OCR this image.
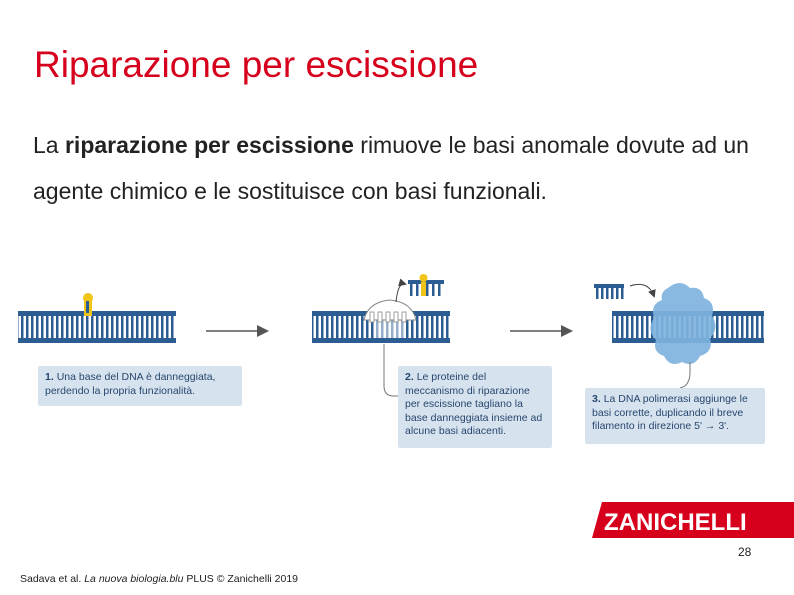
Riparazione per escissione

La riparazione per escissione rimuove le basi anomale dovute ad un agente chimico e le sostituisce con basi funzionali.

1. Una base del DNA è danneggiata,
perdendo la propria funzionalità.
2. Le proteine del
meccanismo di riparazione
per escissione tagliano la
base danneggiata insieme ad
alcune basi adiacenti.
3. La DNA polimerasi aggiunge le
basi corrette, duplicando il breve
filamento in direzione 5' → 3'.
ZANICHELLI
28
Sadava et al. La nuova biologia.blu PLUS © Zanichelli 2019
